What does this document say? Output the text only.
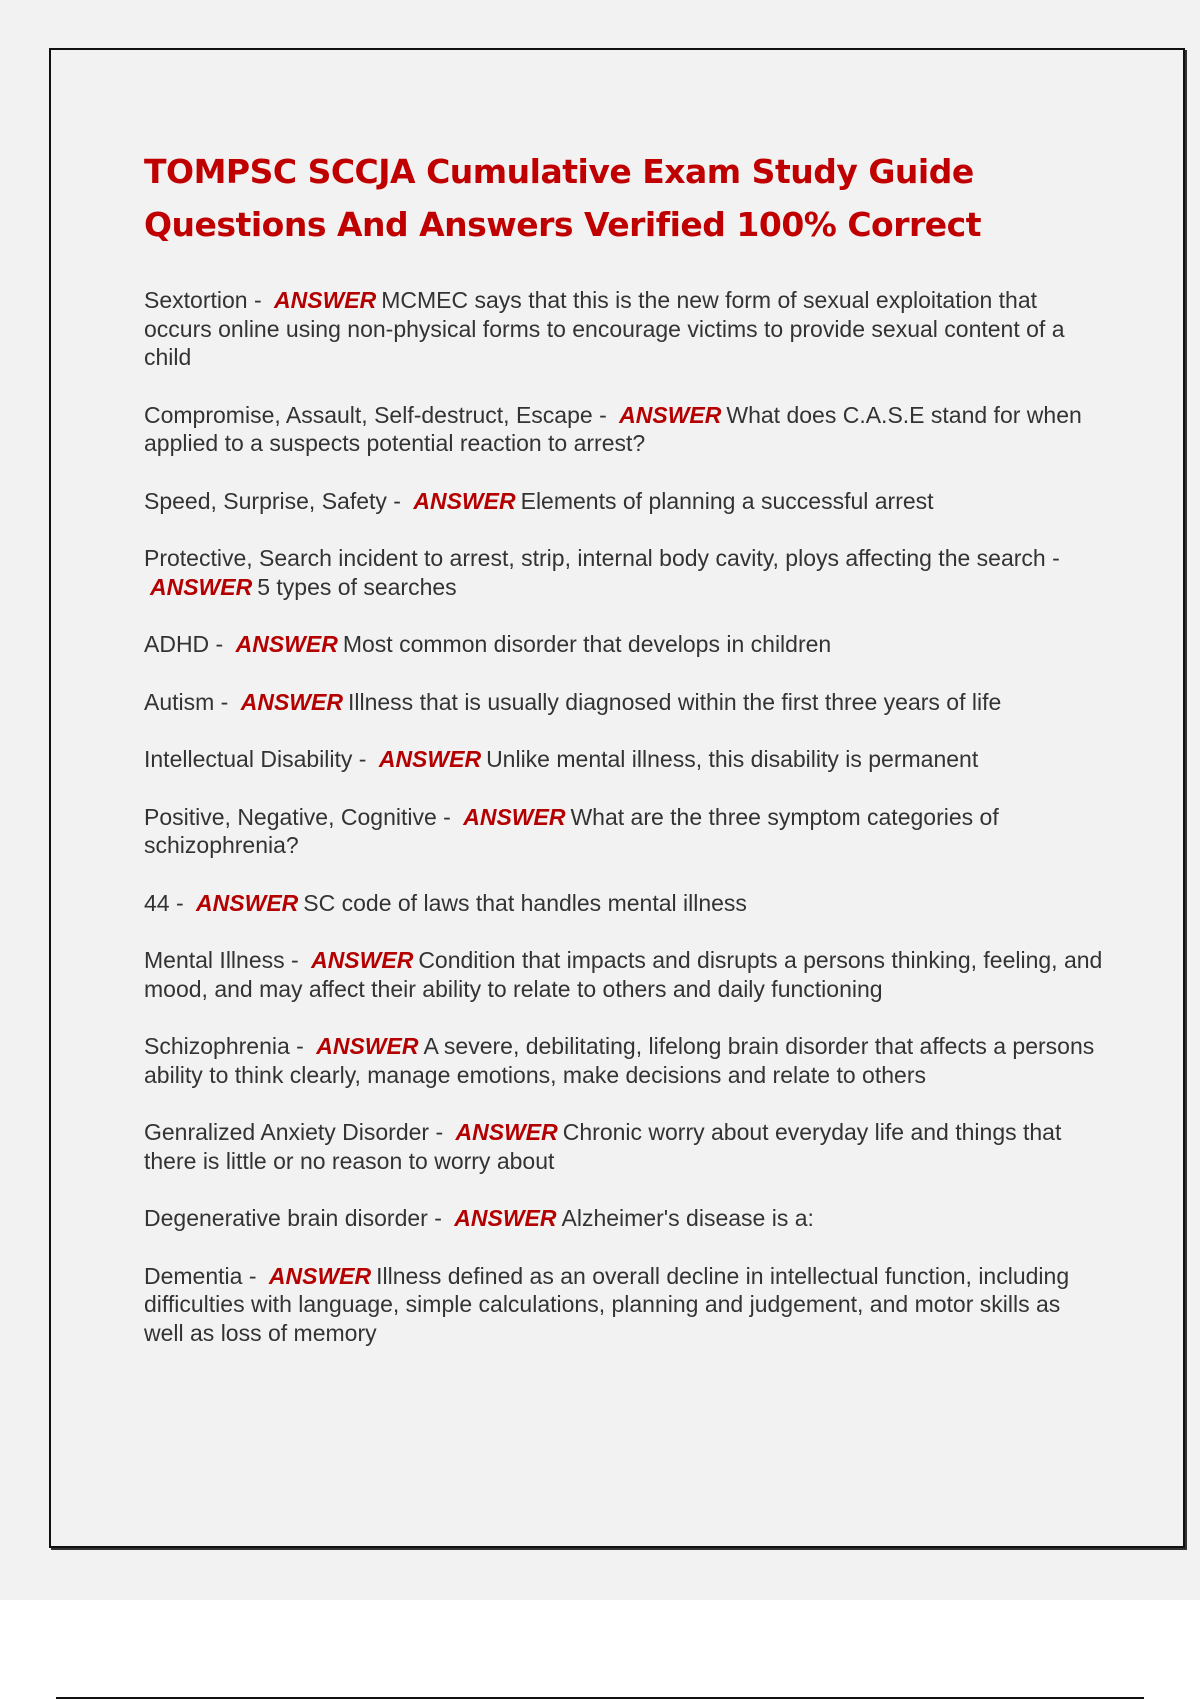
TOMPSC SCCJA Cumulative Exam Study Guide Questions And Answers Verified 100% Correct
Sextortion - ANSWER MCMEC says that this is the new form of sexual exploitation that occurs online using non-physical forms to encourage victims to provide sexual content of a child
Compromise, Assault, Self-destruct, Escape - ANSWER What does C.A.S.E stand for when applied to a suspects potential reaction to arrest?
Speed, Surprise, Safety - ANSWER Elements of planning a successful arrest
Protective, Search incident to arrest, strip, internal body cavity, ploys affecting the search - ANSWER 5 types of searches
ADHD - ANSWER Most common disorder that develops in children
Autism - ANSWER Illness that is usually diagnosed within the first three years of life
Intellectual Disability - ANSWER Unlike mental illness, this disability is permanent
Positive, Negative, Cognitive - ANSWER What are the three symptom categories of schizophrenia?
44 - ANSWER SC code of laws that handles mental illness
Mental Illness - ANSWER Condition that impacts and disrupts a persons thinking, feeling, and mood, and may affect their ability to relate to others and daily functioning
Schizophrenia - ANSWER A severe, debilitating, lifelong brain disorder that affects a persons ability to think clearly, manage emotions, make decisions and relate to others
Genralized Anxiety Disorder - ANSWER Chronic worry about everyday life and things that there is little or no reason to worry about
Degenerative brain disorder - ANSWER Alzheimer's disease is a:
Dementia - ANSWER Illness defined as an overall decline in intellectual function, including difficulties with language, simple calculations, planning and judgement, and motor skills as well as loss of memory
